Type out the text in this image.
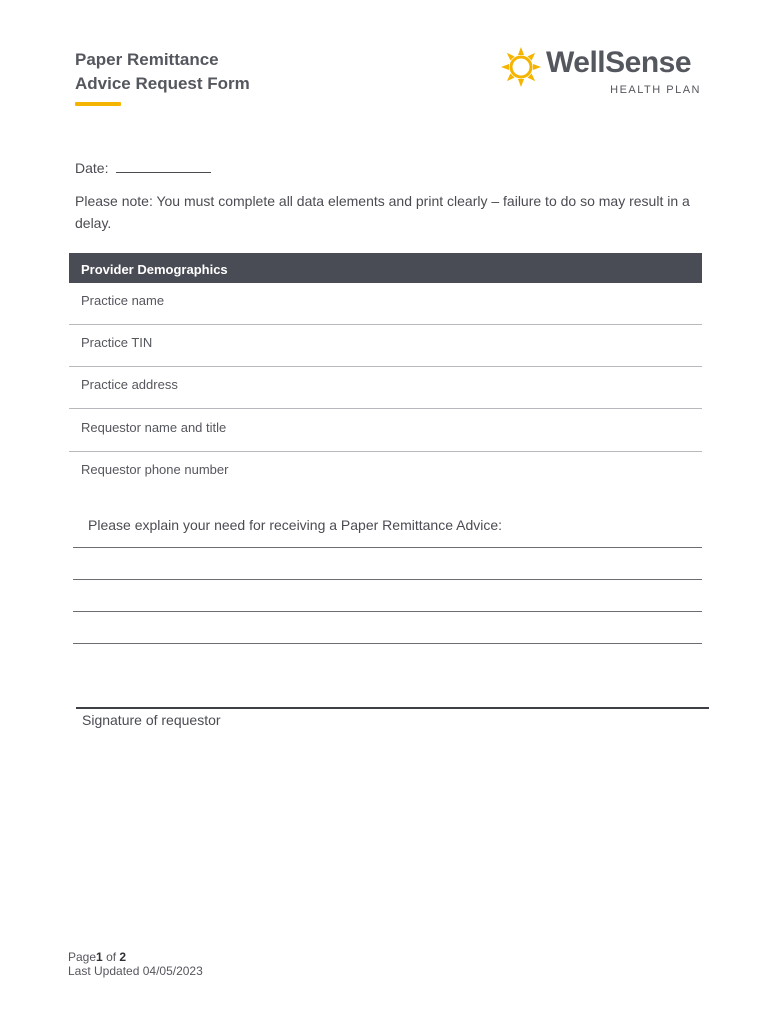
Paper Remittance
Advice Request Form
WellSense
HEALTH PLAN
Date:
Please note: You must complete all data elements and print clearly – failure to do so may result in a delay.
Provider Demographics
Practice name
Practice TIN
Practice address
Requestor name and title
Requestor phone number
Please explain your need for receiving a Paper Remittance Advice:
Signature of requestor
Page1 of 2
Last Updated 04/05/2023
